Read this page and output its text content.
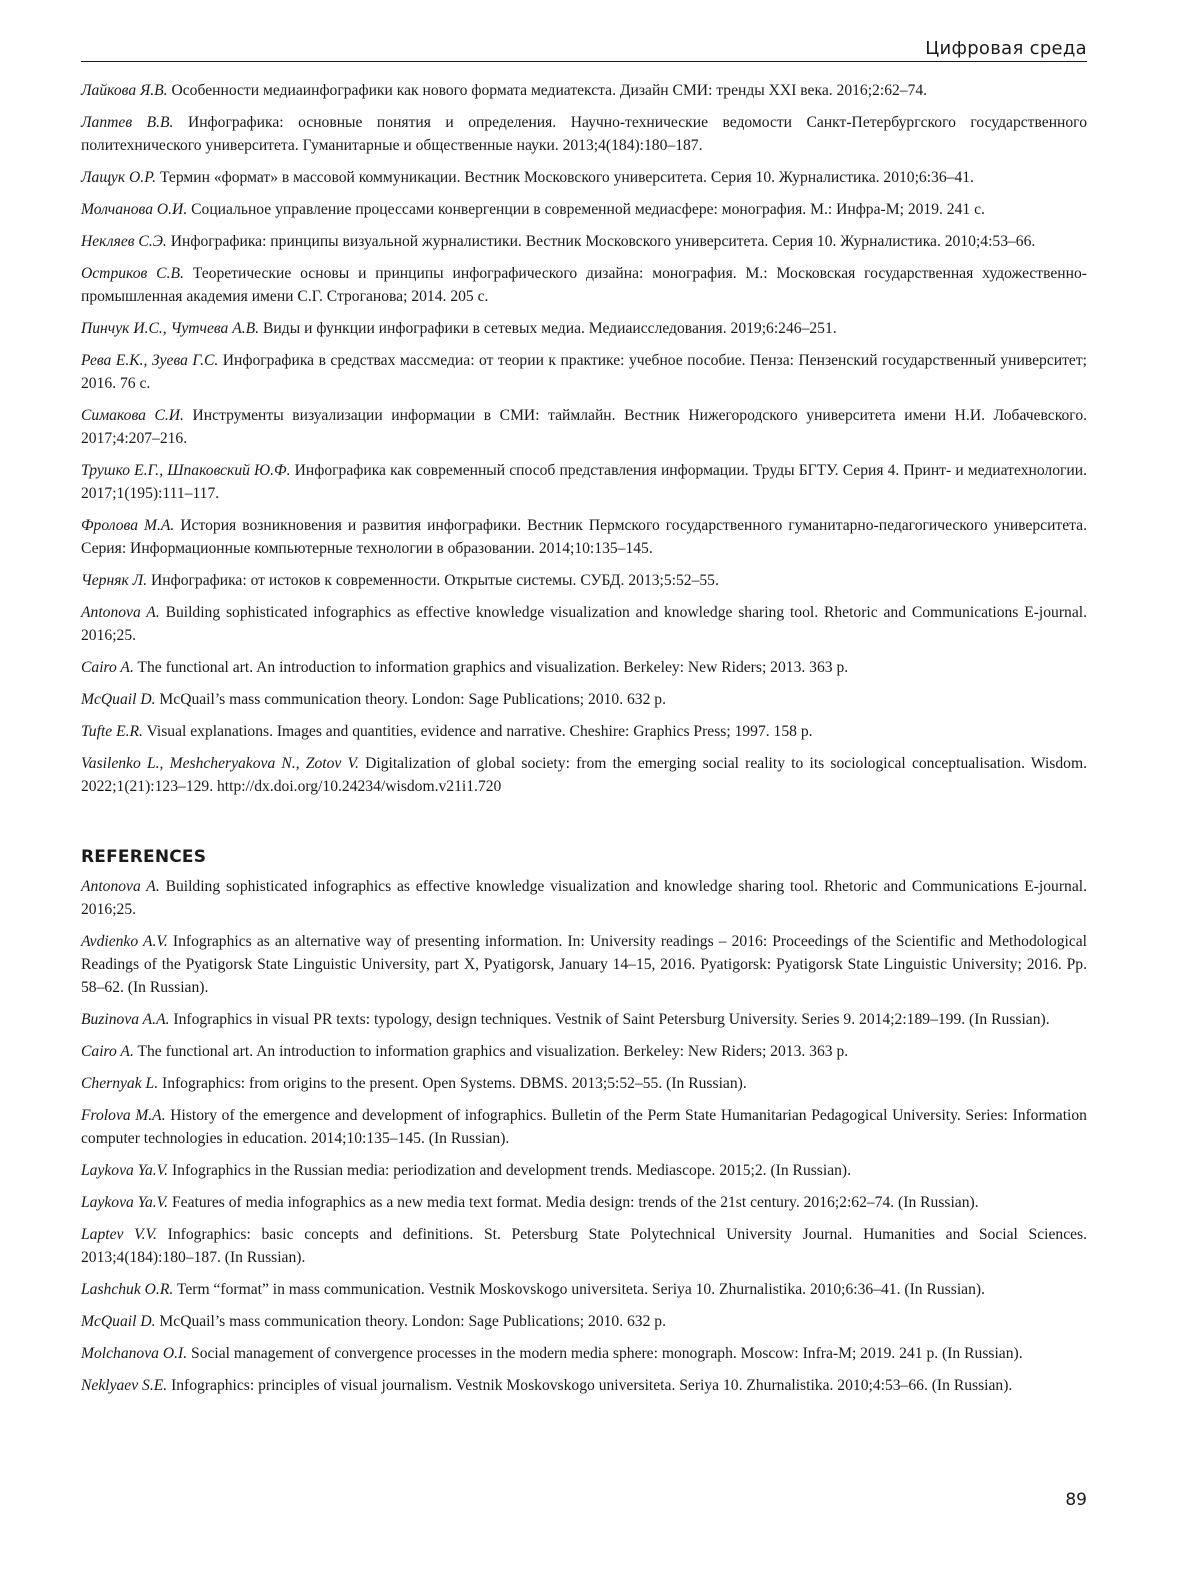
Цифровая среда

Лайкова Я.В. Особенности медиаинфографики как нового формата медиатекста. Дизайн СМИ: тренды XXI века. 2016;2:62–74.

Лаптев В.В. Инфографика: основные понятия и определения. Научно-технические ведомости Санкт-Петербургского государственного политехнического университета. Гуманитарные и общественные науки. 2013;4(184):180–187.

Лащук О.Р. Термин «формат» в массовой коммуникации. Вестник Московского университета. Серия 10. Журналистика. 2010;6:36–41.

Молчанова О.И. Социальное управление процессами конвергенции в современной медиасфере: монография. М.: Инфра-М; 2019. 241 с.

Некляев С.Э. Инфографика: принципы визуальной журналистики. Вестник Московского университета. Серия 10. Журналистика. 2010;4:53–66.

Остриков С.В. Теоретические основы и принципы инфографического дизайна: монография. М.: Московская государственная художественно-промышленная академия имени С.Г. Строганова; 2014. 205 с.

Пинчук И.С., Чутчева А.В. Виды и функции инфографики в сетевых медиа. Медиаисследования. 2019;6:246–251.

Рева Е.К., Зуева Г.С. Инфографика в средствах массмедиа: от теории к практике: учебное пособие. Пенза: Пензенский государственный университет; 2016. 76 с.

Симакова С.И. Инструменты визуализации информации в СМИ: таймлайн. Вестник Нижегородского университета имени Н.И. Лобачевского. 2017;4:207–216.

Трушко Е.Г., Шпаковский Ю.Ф. Инфографика как современный способ представления информации. Труды БГТУ. Серия 4. Принт- и медиатехнологии. 2017;1(195):111–117.

Фролова М.А. История возникновения и развития инфографики. Вестник Пермского государственного гуманитарно-педагогического университета. Серия: Информационные компьютерные технологии в образовании. 2014;10:135–145.

Черняк Л. Инфографика: от истоков к современности. Открытые системы. СУБД. 2013;5:52–55.

Antonova A. Building sophisticated infographics as effective knowledge visualization and knowledge sharing tool. Rhetoric and Communications E-journal. 2016;25.

Cairo A. The functional art. An introduction to information graphics and visualization. Berkeley: New Riders; 2013. 363 p.

McQuail D. McQuail’s mass communication theory. London: Sage Publications; 2010. 632 p.

Tufte E.R. Visual explanations. Images and quantities, evidence and narrative. Cheshire: Graphics Press; 1997. 158 p.

Vasilenko L., Meshcheryakova N., Zotov V. Digitalization of global society: from the emerging social reality to its sociological conceptualisation. Wisdom. 2022;1(21):123–129. http://dx.doi.org/10.24234/wisdom.v21i1.720

REFERENCES

Antonova A. Building sophisticated infographics as effective knowledge visualization and knowledge sharing tool. Rhetoric and Communications E-journal. 2016;25.

Avdienko A.V. Infographics as an alternative way of presenting information. In: University readings – 2016: Proceedings of the Scientific and Methodological Readings of the Pyatigorsk State Linguistic University, part X, Pyatigorsk, January 14–15, 2016. Pyatigorsk: Pyatigorsk State Linguistic University; 2016. Pp. 58–62. (In Russian).

Buzinova A.A. Infographics in visual PR texts: typology, design techniques. Vestnik of Saint Petersburg University. Series 9. 2014;2:189–199. (In Russian).

Cairo A. The functional art. An introduction to information graphics and visualization. Berkeley: New Riders; 2013. 363 p.

Chernyak L. Infographics: from origins to the present. Open Systems. DBMS. 2013;5:52–55. (In Russian).

Frolova M.A. History of the emergence and development of infographics. Bulletin of the Perm State Humanitarian Pedagogical University. Series: Information computer technologies in education. 2014;10:135–145. (In Russian).

Laykova Ya.V. Infographics in the Russian media: periodization and development trends. Mediascope. 2015;2. (In Russian).

Laykova Ya.V. Features of media infographics as a new media text format. Media design: trends of the 21st century. 2016;2:62–74. (In Russian).

Laptev V.V. Infographics: basic concepts and definitions. St. Petersburg State Polytechnical University Journal. Humanities and Social Sciences. 2013;4(184):180–187. (In Russian).

Lashchuk O.R. Term “format” in mass communication. Vestnik Moskovskogo universiteta. Seriya 10. Zhurnalistika. 2010;6:36–41. (In Russian).

McQuail D. McQuail’s mass communication theory. London: Sage Publications; 2010. 632 p.

Molchanova O.I. Social management of convergence processes in the modern media sphere: monograph. Moscow: Infra-M; 2019. 241 p. (In Russian).

Neklyaev S.E. Infographics: principles of visual journalism. Vestnik Moskovskogo universiteta. Seriya 10. Zhurnalistika. 2010;4:53–66. (In Russian).

89
